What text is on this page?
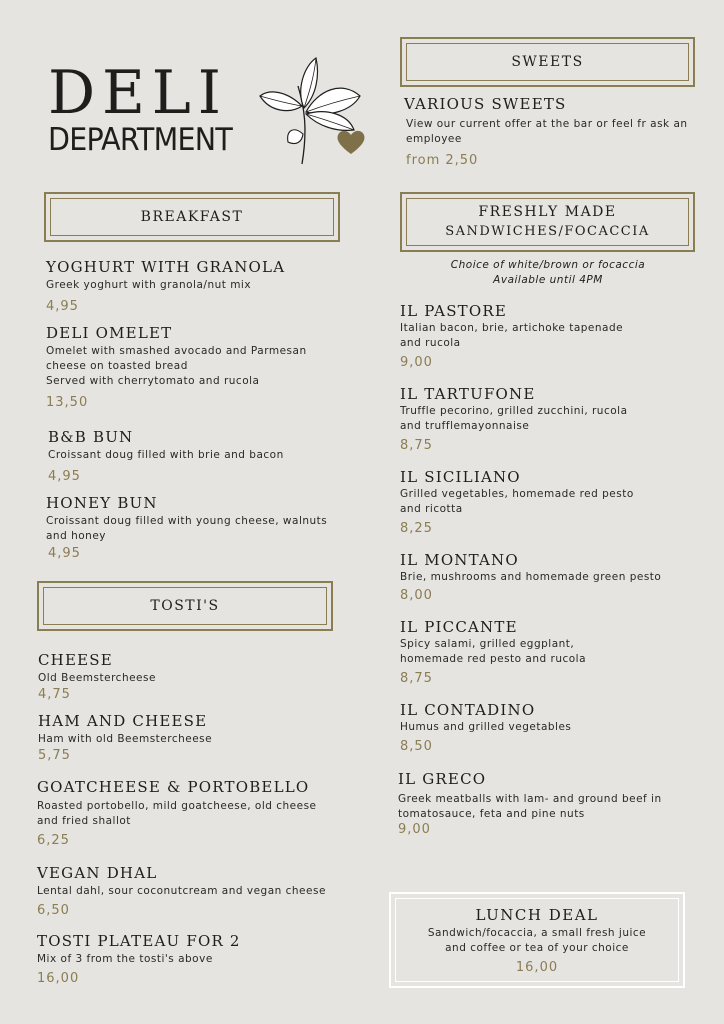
DELI
DEPARTMENT
BREAKFAST
YOGHURT WITH GRANOLA
Greek yoghurt with granola/nut mix
4,95
DELI OMELET
Omelet with smashed avocado and Parmesan
cheese on toasted bread
Served with cherrytomato and rucola
13,50
B&B BUN
Croissant doug filled with brie and bacon
4,95
HONEY BUN
Croissant doug filled with young cheese, walnuts
and honey
4,95
TOSTI'S
CHEESE
Old Beemstercheese
4,75
HAM AND CHEESE
Ham with old Beemstercheese
5,75
GOATCHEESE & PORTOBELLO
Roasted portobello, mild goatcheese, old cheese
and fried shallot
6,25
VEGAN DHAL
Lental dahl, sour coconutcream and vegan cheese
6,50
TOSTI PLATEAU FOR 2
Mix of 3 from the tosti's above
16,00
SWEETS
VARIOUS SWEETS
View our current offer at the bar or feel fr ask an
employee
from 2,50
FRESHLY MADE
SANDWICHES/FOCACCIA
Choice of white/brown or focaccia
Available until 4PM
IL PASTORE
Italian bacon, brie, artichoke tapenade
and rucola
9,00
IL TARTUFONE
Truffle pecorino, grilled zucchini, rucola
and trufflemayonnaise
8,75
IL SICILIANO
Grilled vegetables, homemade red pesto
and ricotta
8,25
IL MONTANO
Brie, mushrooms and homemade green pesto
8,00
IL PICCANTE
Spicy salami, grilled eggplant,
homemade red pesto and rucola
8,75
IL CONTADINO
Humus and grilled vegetables
8,50
IL GRECO
Greek meatballs with lam- and ground beef in
tomatosauce, feta and pine nuts
9,00
LUNCH DEAL
Sandwich/focaccia, a small fresh juice
and coffee or tea of your choice
16,00
